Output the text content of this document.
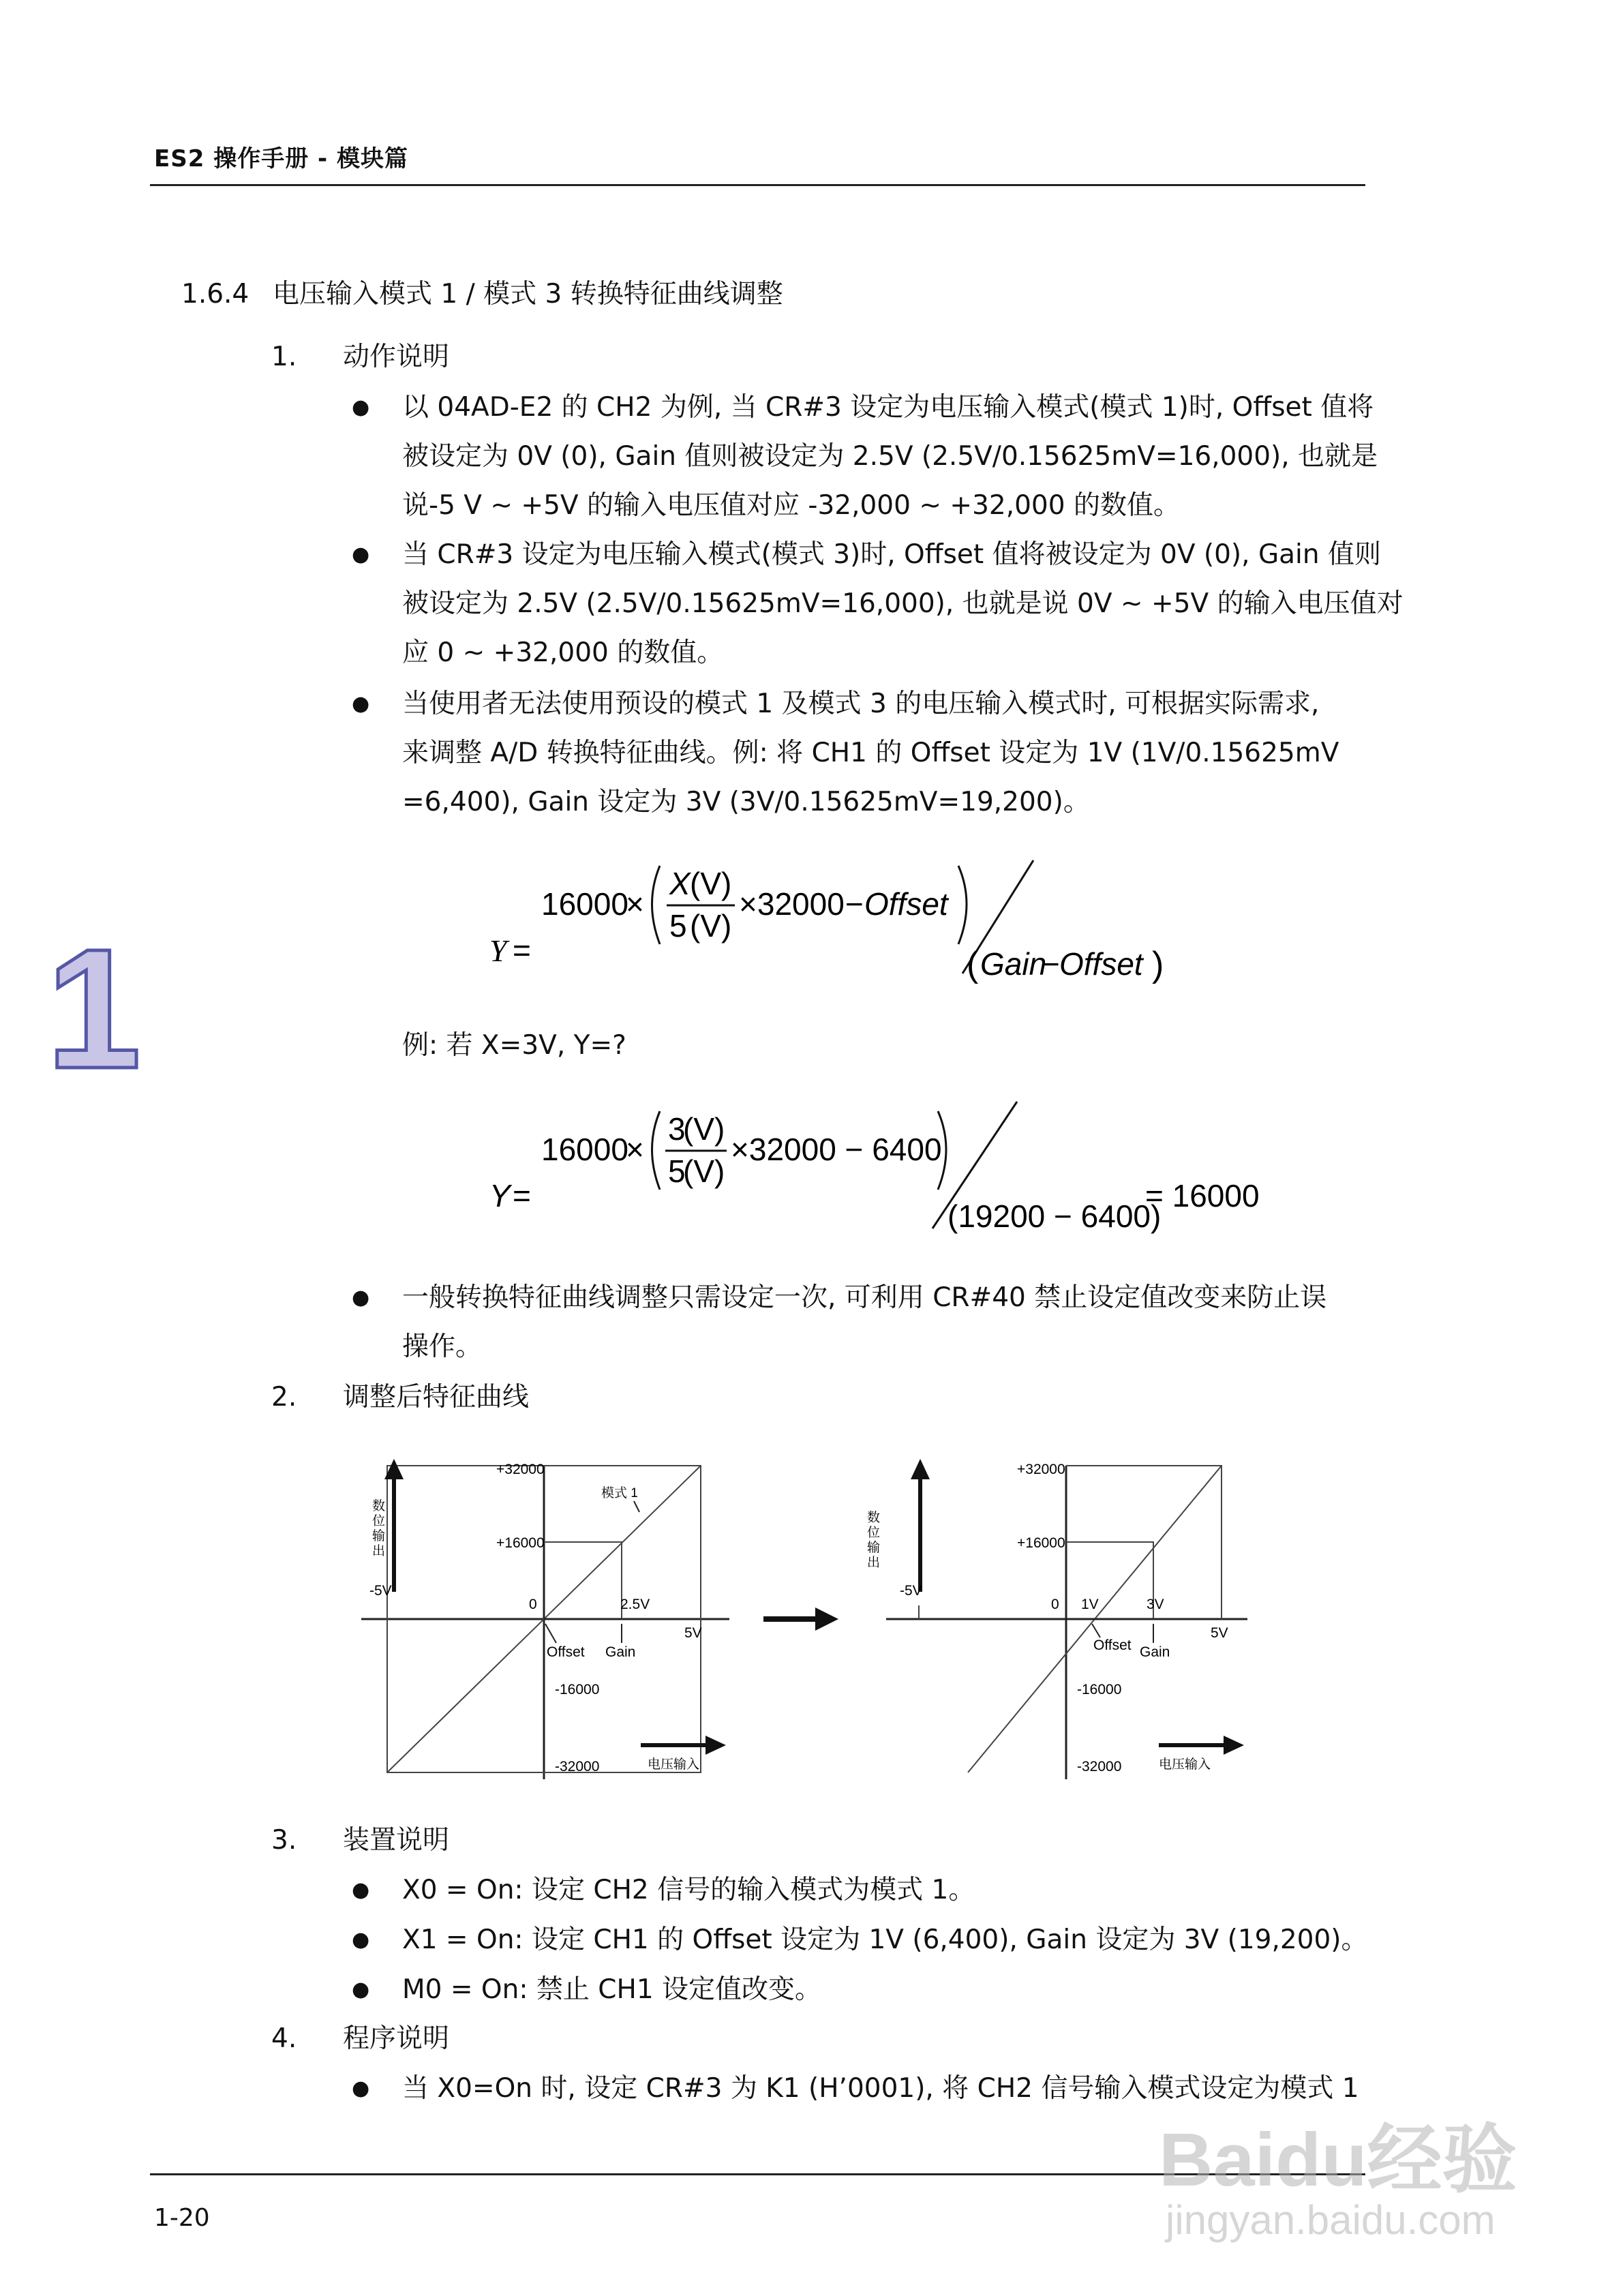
ES2 操作手册 - 模块篇
1
1.6.4 电压输入模式 1 / 模式 3 转换特征曲线调整
1. 动作说明
● 以 04AD-E2 的 CH2 为例, 当 CR#3 设定为电压输入模式(模式 1)时, Offset 值将
被设定为 0V (0), Gain 值则被设定为 2.5V (2.5V/0.15625mV=16,000), 也就是
说-5 V ~ +5V 的输入电压值对应 -32,000 ~ +32,000 的数值。
● 当 CR#3 设定为电压输入模式(模式 3)时, Offset 值将被设定为 0V (0), Gain 值则
被设定为 2.5V (2.5V/0.15625mV=16,000), 也就是说 0V ~ +5V 的输入电压值对
应 0 ~ +32,000 的数值。
● 当使用者无法使用预设的模式 1 及模式 3 的电压输入模式时, 可根据实际需求,
来调整 A/D 转换特征曲线。例: 将 CH1 的 Offset 设定为 1V (1V/0.15625mV
=6,400), Gain 设定为 3V (3V/0.15625mV=19,200)。
Y =
16000
×
X (V)
5 (V)
×32000 − Offset
( Gain
− Offset )
例: 若 X=3V, Y=?
Y =
16000
×
3
(V)
5
(V)
×32000 − 6400
(19200 − 6400)
= 16000
● 一般转换特征曲线调整只需设定一次, 可利用 CR#40 禁止设定值改变来防止误
操作。
2. 调整后特征曲线
+32000
+16000
-16000
-32000
-5V
0	2.5V
5V
模式 1
Offset Gain
数
位
输
出
电压输入
+32000
+16000
-16000
-32000
-5V
0 1V	3V
5V
Offset Gain
数
位
输
出
电压输入
3. 装置说明
● X0 = On: 设定 CH2 信号的输入模式为模式 1。
● X1 = On: 设定 CH1 的 Offset 设定为 1V (6,400), Gain 设定为 3V (19,200)。
● M0 = On: 禁止 CH1 设定值改变。
4. 程序说明
● 当 X0=On 时, 设定 CR#3 为 K1 (H’0001), 将 CH2 信号输入模式设定为模式 1
1-20
Baidu经验
jingyan.baidu.com
